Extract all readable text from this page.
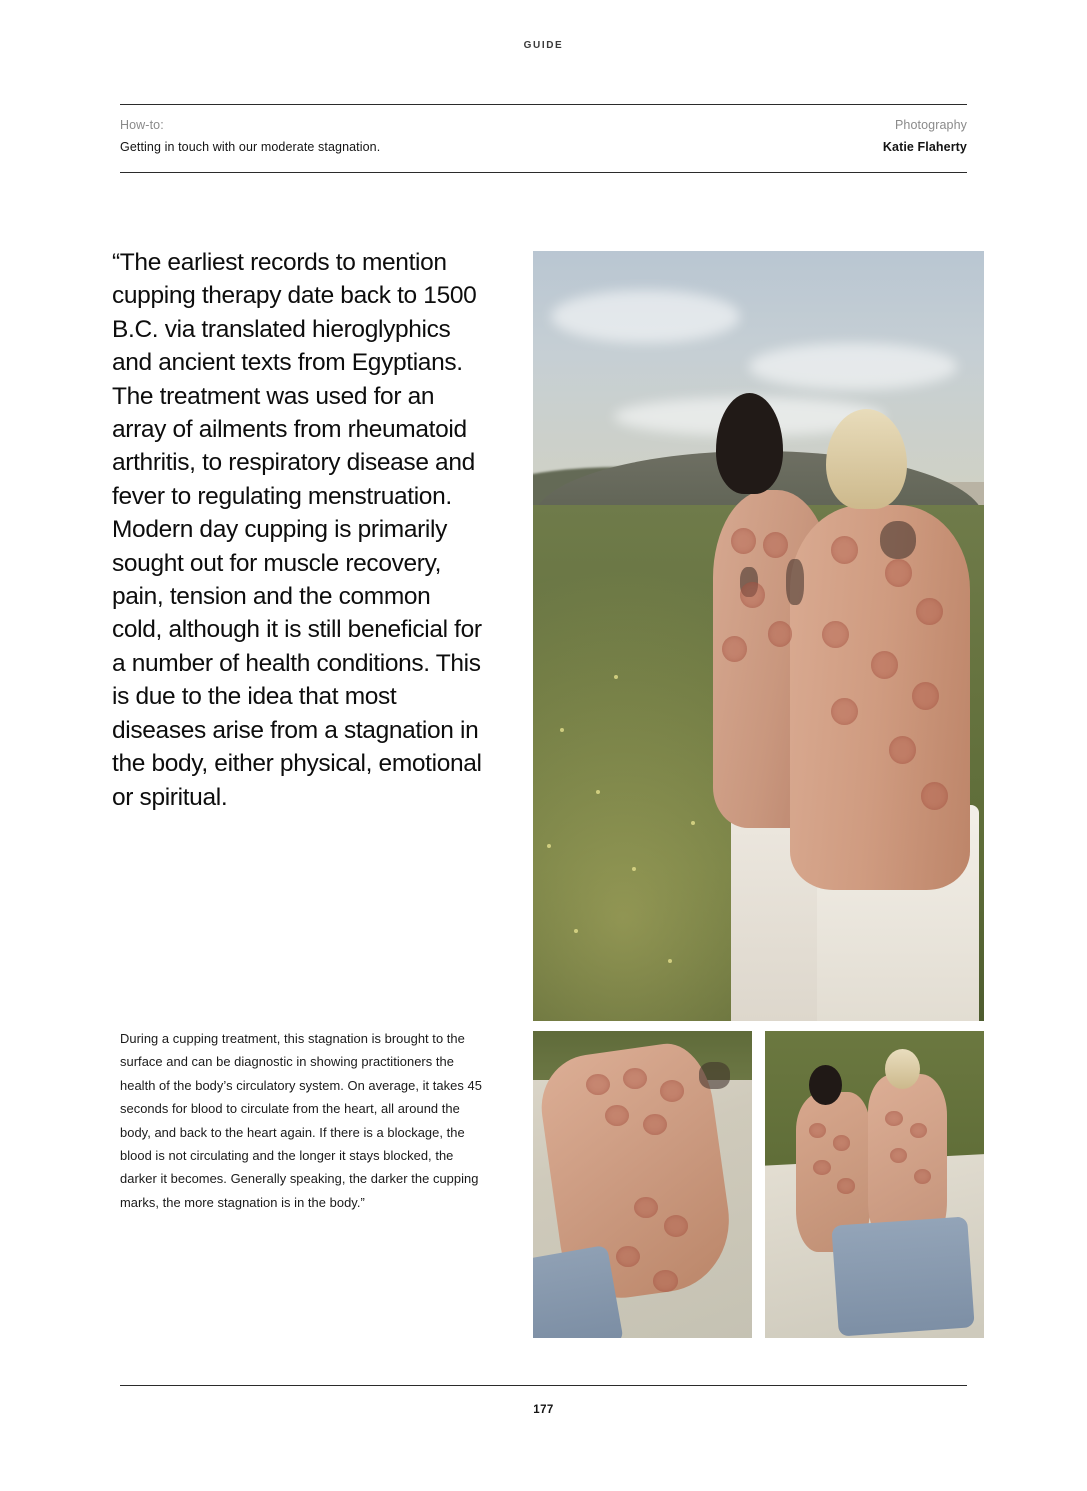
GUIDE
How-to:
Getting in touch with our moderate stagnation.
Photography
Katie Flaherty
“The earliest records to mention cupping therapy date back to 1500 B.C. via translated hieroglyphics and ancient texts from Egyptians. The treatment was used for an array of ailments from rheumatoid arthritis, to respiratory disease and fever to regulating menstruation. Modern day cupping is primarily sought out for muscle recovery, pain, tension and the common cold, although it is still beneficial for a number of health conditions. This is due to the idea that most diseases arise from a stagnation in the body, either physical, emotional or spiritual.
During a cupping treatment, this stagnation is brought to the surface and can be diagnostic in showing practitioners the health of the body’s circulatory system. On average, it takes 45 seconds for blood to circulate from the heart, all around the body, and back to the heart again. If there is a blockage, the blood is not circulating and the longer it stays blocked, the darker it becomes. Generally speaking, the darker the cupping marks, the more stagnation is in the body.”
177
